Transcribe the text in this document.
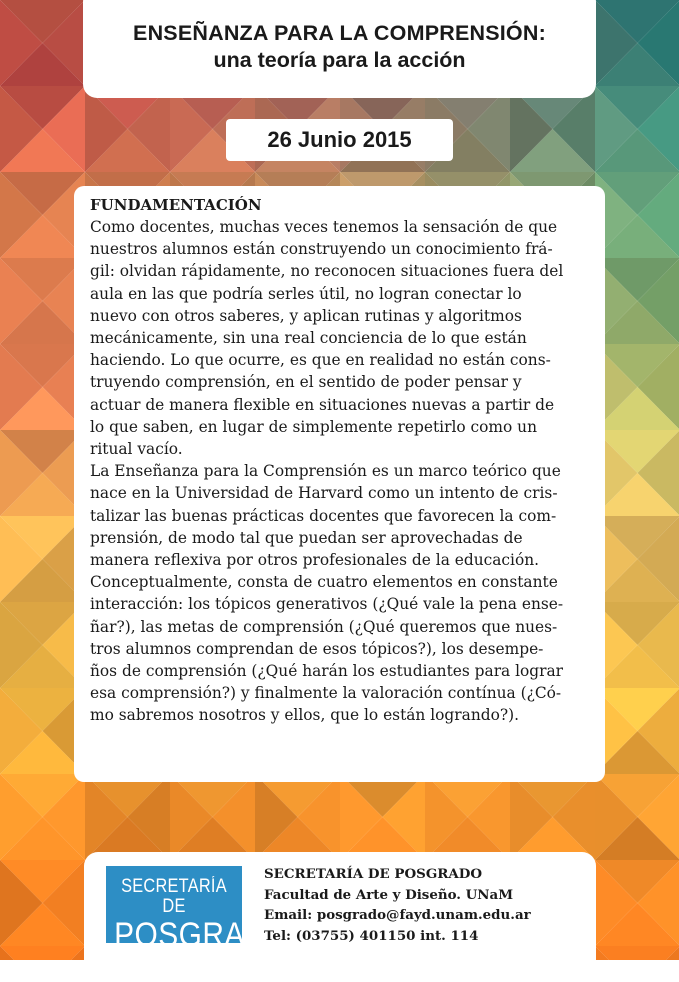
ENSEÑANZA PARA LA COMPRENSIÓN:
una teoría para la acción
26 Junio 2015
FUNDAMENTACIÓN

Como docentes, muchas veces tenemos la sensación de que
nuestros alumnos están construyendo un conocimiento frá-
gil: olvidan rápidamente, no reconocen situaciones fuera del
aula en las que podría serles útil, no logran conectar lo
nuevo con otros saberes, y aplican rutinas y algoritmos
mecánicamente, sin una real conciencia de lo que están
haciendo. Lo que ocurre, es que en realidad no están cons-
truyendo comprensión, en el sentido de poder pensar y
actuar de manera flexible en situaciones nuevas a partir de
lo que saben, en lugar de simplemente repetirlo como un
ritual vacío.

La Enseñanza para la Comprensión es un marco teórico que
nace en la Universidad de Harvard como un intento de cris-
talizar las buenas prácticas docentes que favorecen la com-
prensión, de modo tal que puedan ser aprovechadas de
manera reflexiva por otros profesionales de la educación.
Conceptualmente, consta de cuatro elementos en constante
interacción: los tópicos generativos (¿Qué vale la pena ense-
ñar?), las metas de comprensión (¿Qué queremos que nues-
tros alumnos comprendan de esos tópicos?), los desempe-
ños de comprensión (¿Qué harán los estudiantes para lograr
esa comprensión?) y finalmente la valoración contínua (¿Có-
mo sabremos nosotros y ellos, que lo están logrando?).

SECRETARÍA DE
POSGRADO
SECRETARÍA DE POSGRADO
Facultad de Arte y Diseño. UNaM
Email: posgrado@fayd.unam.edu.ar
Tel: (03755) 401150 int. 114
